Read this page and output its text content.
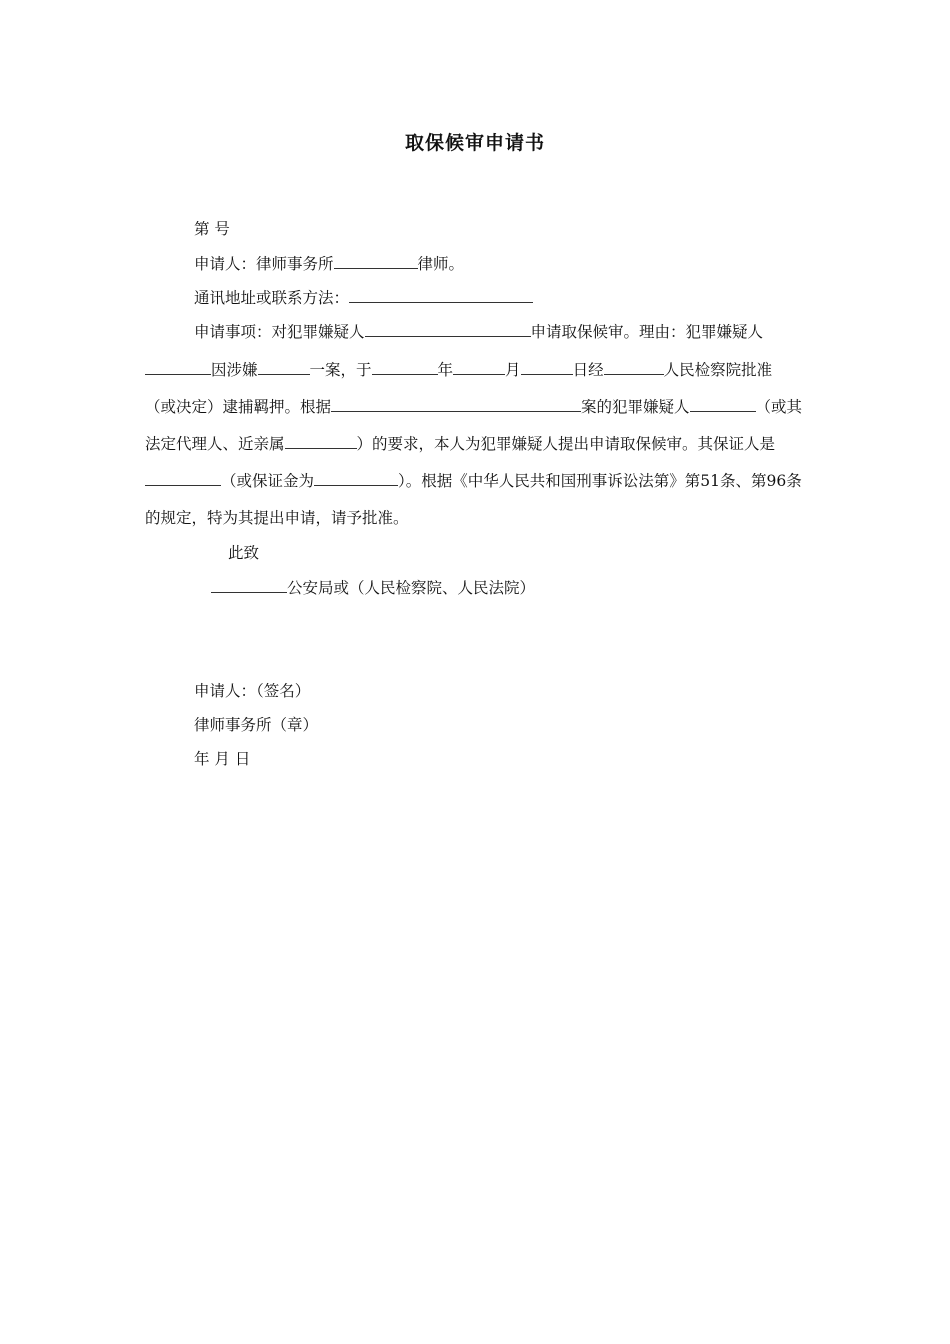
取保候审申请书
第 号
申请人：律师事务所	律师。
通讯地址或联系方法：
申请事项：对犯罪嫌疑人	申请取保候审。理由：犯罪嫌疑人
因涉嫌	一案，于	年	月	日经	人民检察院批准
（或决定）逮捕羁押。根据	案的犯罪嫌疑人	（或其
法定代理人、近亲属	）的要求，本人为犯罪嫌疑人提出申请取保候审。其保证人是
（或保证金为	）。根据《中华人民共和国刑事诉讼法第》第51条、第96条
的规定，特为其提出申请，请予批准。
此致
公安局或（人民检察院、人民法院）
申请人：（签名）
律师事务所（章）
年 月 日
